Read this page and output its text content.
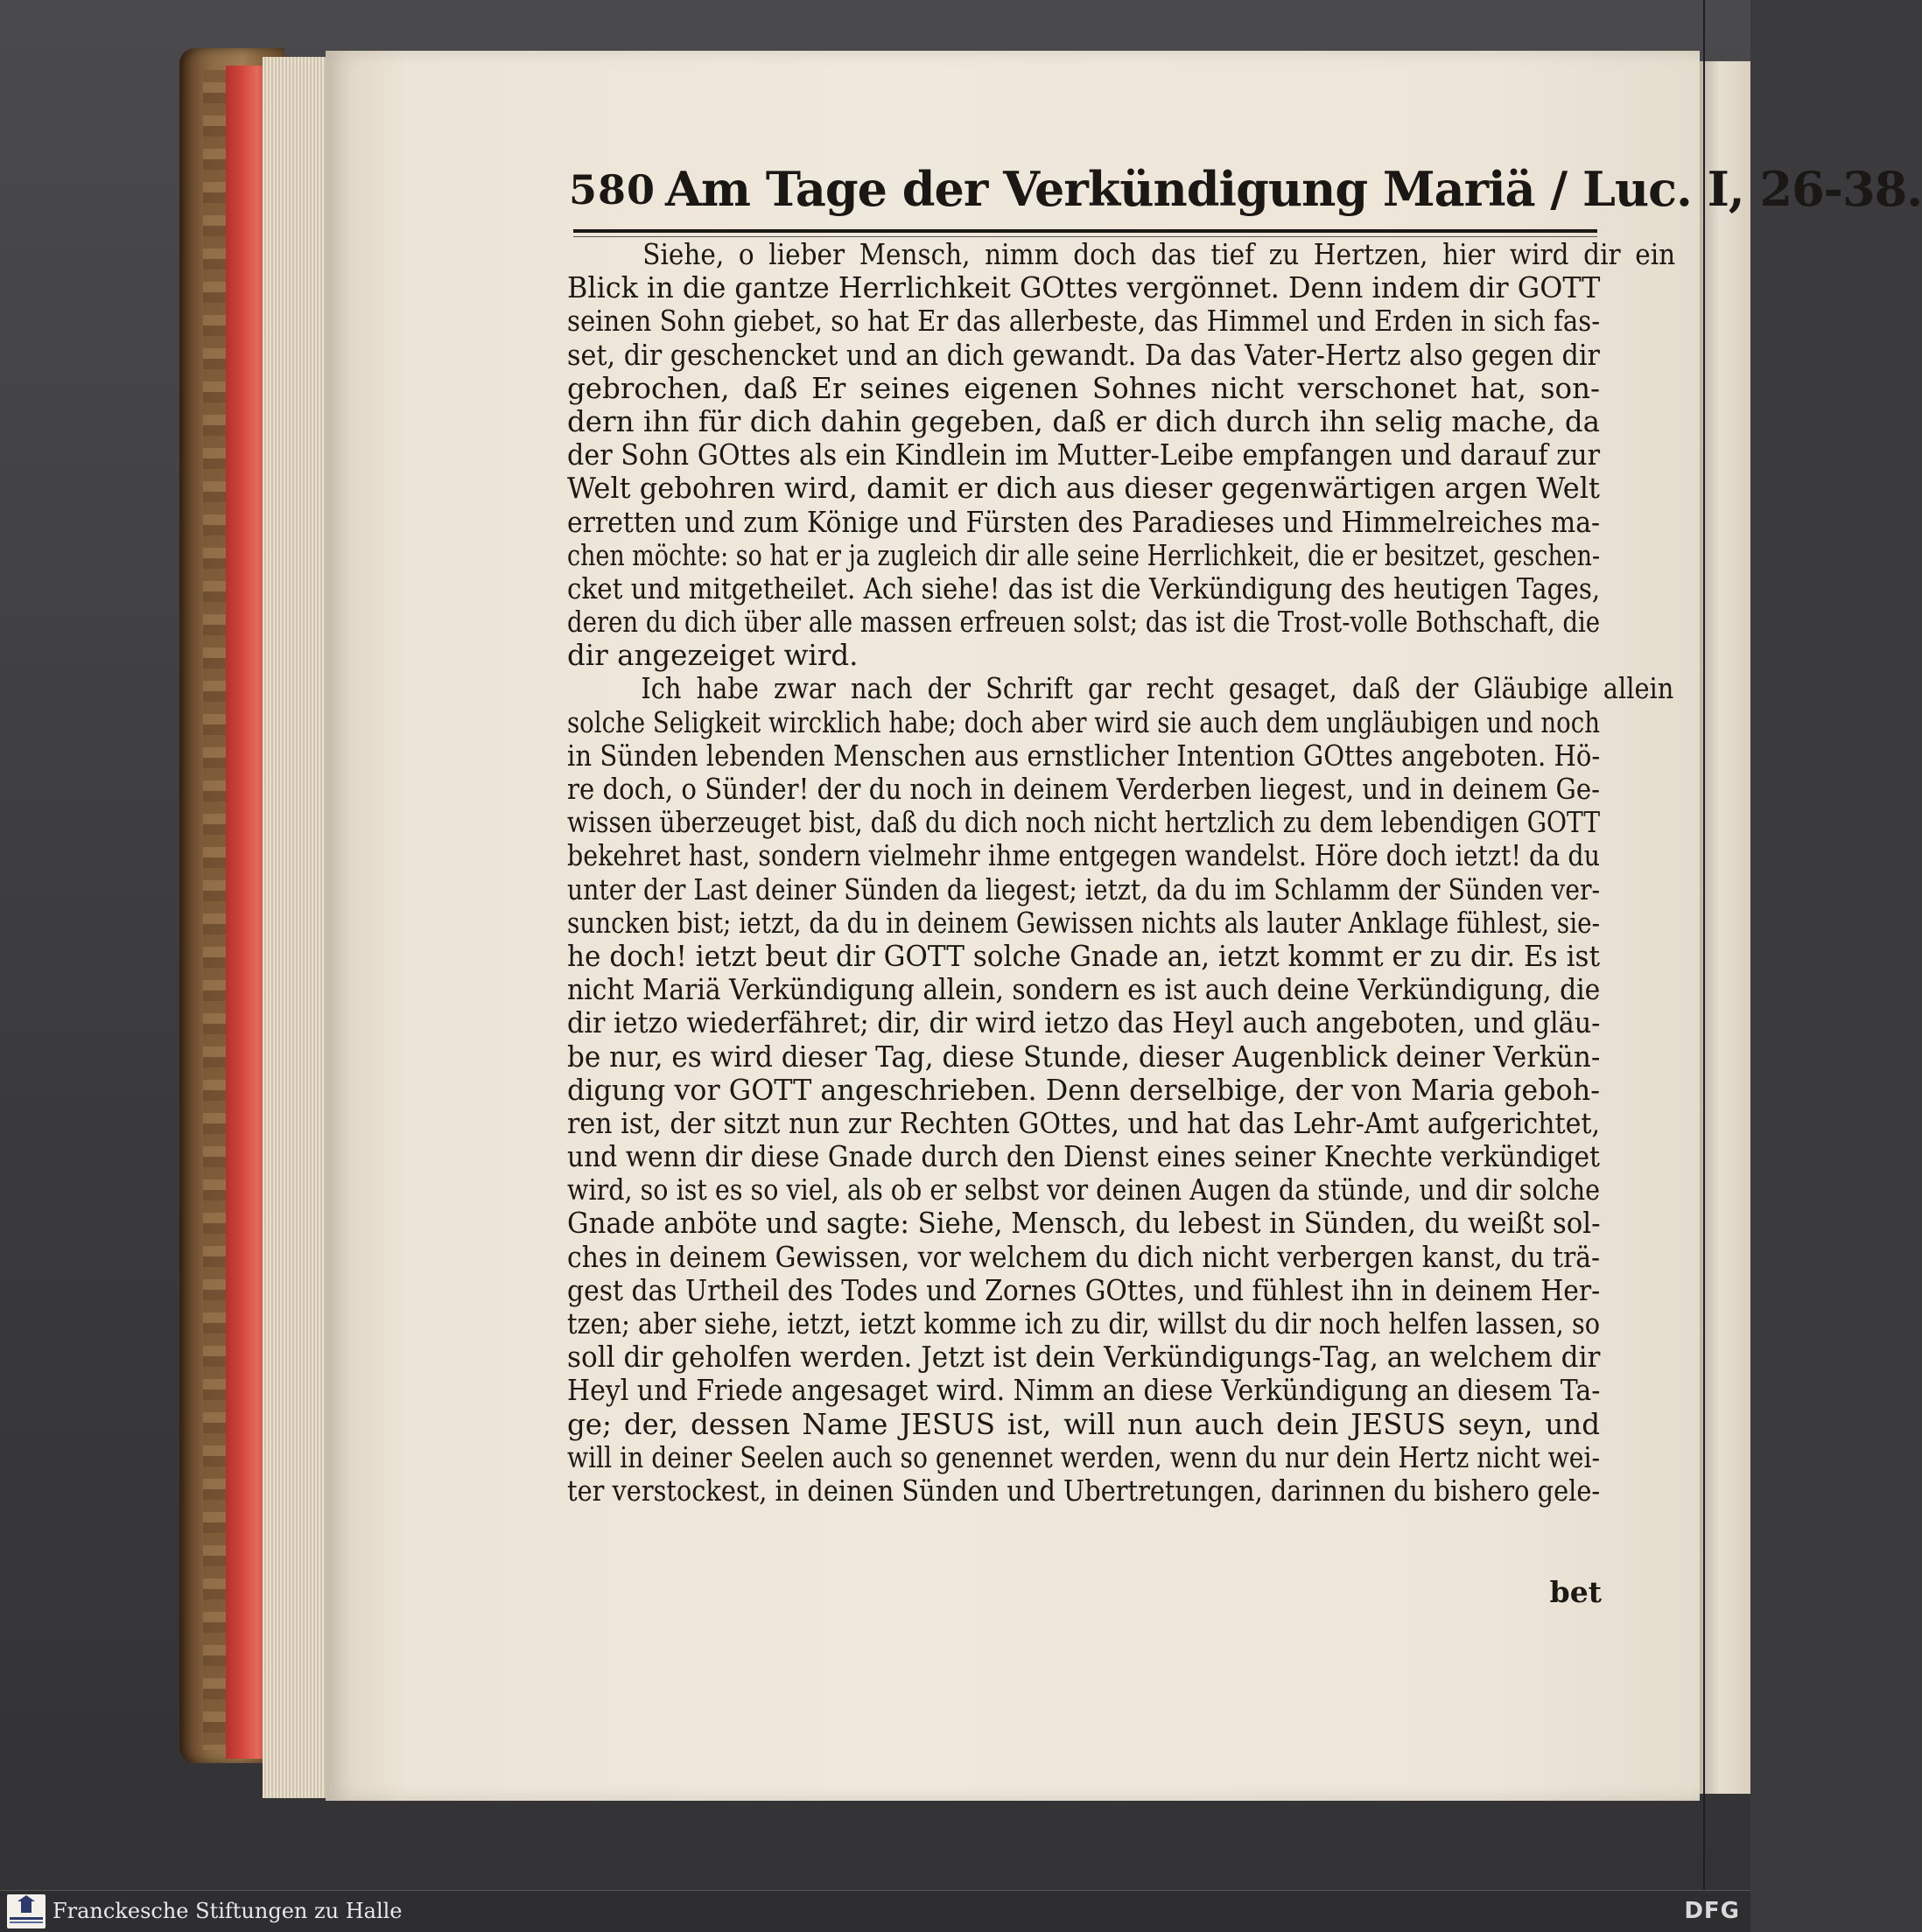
580 Am Tage der Verkündigung Mariä / Luc. I, 26-38.
Siehe, o lieber Mensch, nimm doch das tief zu Hertzen, hier wird dir ein
Blick in die gantze Herrlichkeit GOttes vergönnet. Denn indem dir GOTT
seinen Sohn giebet, so hat Er das allerbeste, das Himmel und Erden in sich fas-
set, dir geschencket und an dich gewandt. Da das Vater-Hertz also gegen dir
gebrochen, daß Er seines eigenen Sohnes nicht verschonet hat, son-
dern ihn für dich dahin gegeben, daß er dich durch ihn selig mache, da
der Sohn GOttes als ein Kindlein im Mutter-Leibe empfangen und darauf zur
Welt gebohren wird, damit er dich aus dieser gegenwärtigen argen Welt
erretten und zum Könige und Fürsten des Paradieses und Himmelreiches ma-
chen möchte: so hat er ja zugleich dir alle seine Herrlichkeit, die er besitzet, geschen-
cket und mitgetheilet. Ach siehe! das ist die Verkündigung des heutigen Tages,
deren du dich über alle massen erfreuen solst; das ist die Trost-volle Bothschaft, die
dir angezeiget wird.
Ich habe zwar nach der Schrift gar recht gesaget, daß der Gläubige allein
solche Seligkeit wircklich habe; doch aber wird sie auch dem ungläubigen und noch
in Sünden lebenden Menschen aus ernstlicher Intention GOttes angeboten. Hö-
re doch, o Sünder! der du noch in deinem Verderben liegest, und in deinem Ge-
wissen überzeuget bist, daß du dich noch nicht hertzlich zu dem lebendigen GOTT
bekehret hast, sondern vielmehr ihme entgegen wandelst. Höre doch ietzt! da du
unter der Last deiner Sünden da liegest; ietzt, da du im Schlamm der Sünden ver-
suncken bist; ietzt, da du in deinem Gewissen nichts als lauter Anklage fühlest, sie-
he doch! ietzt beut dir GOTT solche Gnade an, ietzt kommt er zu dir. Es ist
nicht Mariä Verkündigung allein, sondern es ist auch deine Verkündigung, die
dir ietzo wiederfähret; dir, dir wird ietzo das Heyl auch angeboten, und gläu-
be nur, es wird dieser Tag, diese Stunde, dieser Augenblick deiner Verkün-
digung vor GOTT angeschrieben. Denn derselbige, der von Maria geboh-
ren ist, der sitzt nun zur Rechten GOttes, und hat das Lehr-Amt aufgerichtet,
und wenn dir diese Gnade durch den Dienst eines seiner Knechte verkündiget
wird, so ist es so viel, als ob er selbst vor deinen Augen da stünde, und dir solche
Gnade anböte und sagte: Siehe, Mensch, du lebest in Sünden, du weißt sol-
ches in deinem Gewissen, vor welchem du dich nicht verbergen kanst, du trä-
gest das Urtheil des Todes und Zornes GOttes, und fühlest ihn in deinem Her-
tzen; aber siehe, ietzt, ietzt komme ich zu dir, willst du dir noch helfen lassen, so
soll dir geholfen werden. Jetzt ist dein Verkündigungs-Tag, an welchem dir
Heyl und Friede angesaget wird. Nimm an diese Verkündigung an diesem Ta-
ge; der, dessen Name JESUS ist, will nun auch dein JESUS seyn, und
will in deiner Seelen auch so genennet werden, wenn du nur dein Hertz nicht wei-
ter verstockest, in deinen Sünden und Ubertretungen, darinnen du bishero gele-
bet
Franckesche Stiftungen zu Halle	DFG
